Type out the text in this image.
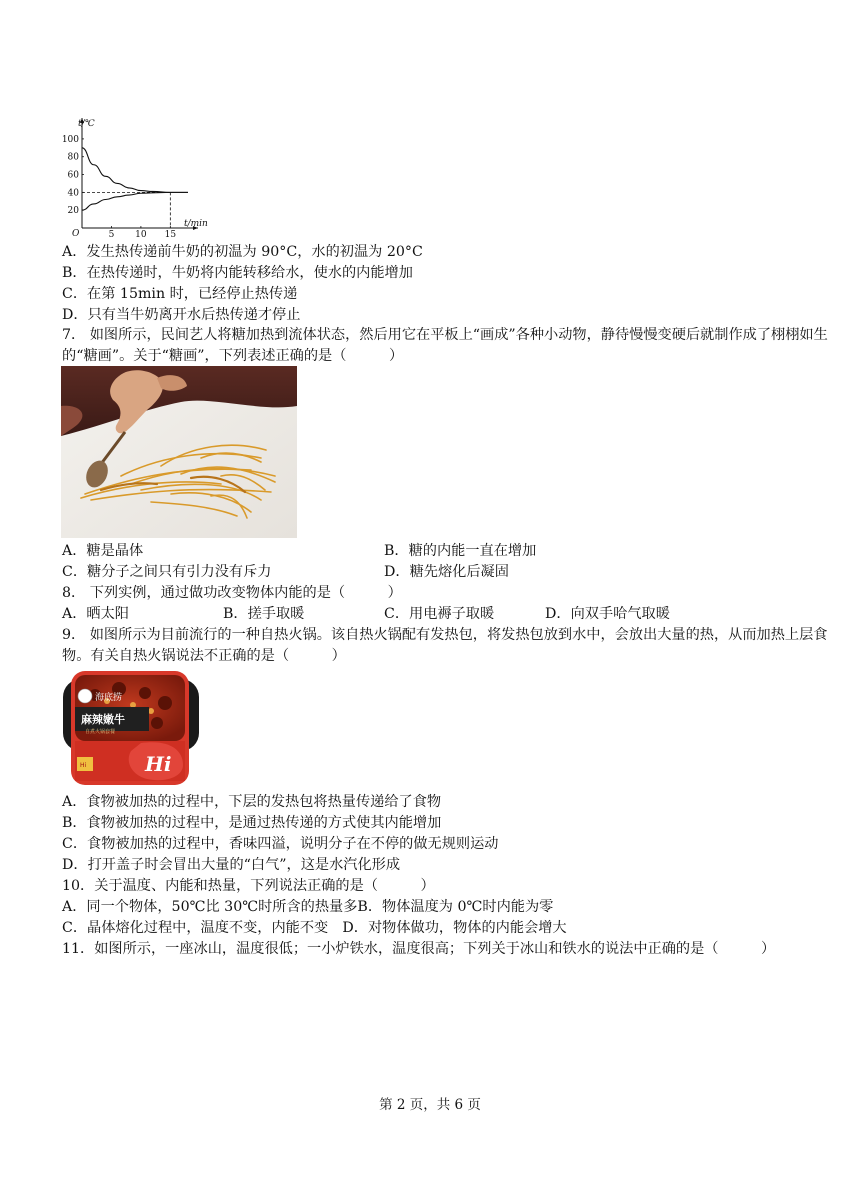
t/℃
t/min
O
100
80
60
40
20
5 10 15
A．发生热传递前牛奶的初温为 90°C，水的初温为 20°C
B．在热传递时，牛奶将内能转移给水，使水的内能增加
C．在第 15min 时，已经停止热传递
D．只有当牛奶离开水后热传递才停止
7． 如图所示，民间艺人将糖加热到流体状态，然后用它在平板上“画成”各种小动物，静待慢慢变硬后就制作成了栩栩如生的“糖画”。关于“糖画”，下列表述正确的是（　　　）
A．糖是晶体	B．糖的内能一直在增加
C．糖分子之间只有引力没有斥力	D．糖先熔化后凝固
8． 下列实例，通过做功改变物体内能的是（　　　）
A．晒太阳	B．搓手取暖	C．用电褥子取暖	D．向双手哈气取暖
9． 如图所示为目前流行的一种自热火锅。该自热火锅配有发热包，将发热包放到水中，会放出大量的热，从而加热上层食物。有关自热火锅说法不正确的是（　　　）
海底捞
麻辣嫩牛
自煮火锅套餐
Hi
Hi
A．食物被加热的过程中，下层的发热包将热量传递给了食物
B．食物被加热的过程中，是通过热传递的方式使其内能增加
C．食物被加热的过程中，香味四溢，说明分子在不停的做无规则运动
D．打开盖子时会冒出大量的“白气”，这是水汽化形成
10．关于温度、内能和热量，下列说法正确的是（　　　）
A．同一个物体，50℃比 30℃时所含的热量多B．物体温度为 0℃时内能为零
C．晶体熔化过程中，温度不变，内能不变　D．对物体做功，物体的内能会增大
11．如图所示，一座冰山，温度很低；一小炉铁水，温度很高；下列关于冰山和铁水的说法中正确的是（　　　）
第 2 页，共 6 页
